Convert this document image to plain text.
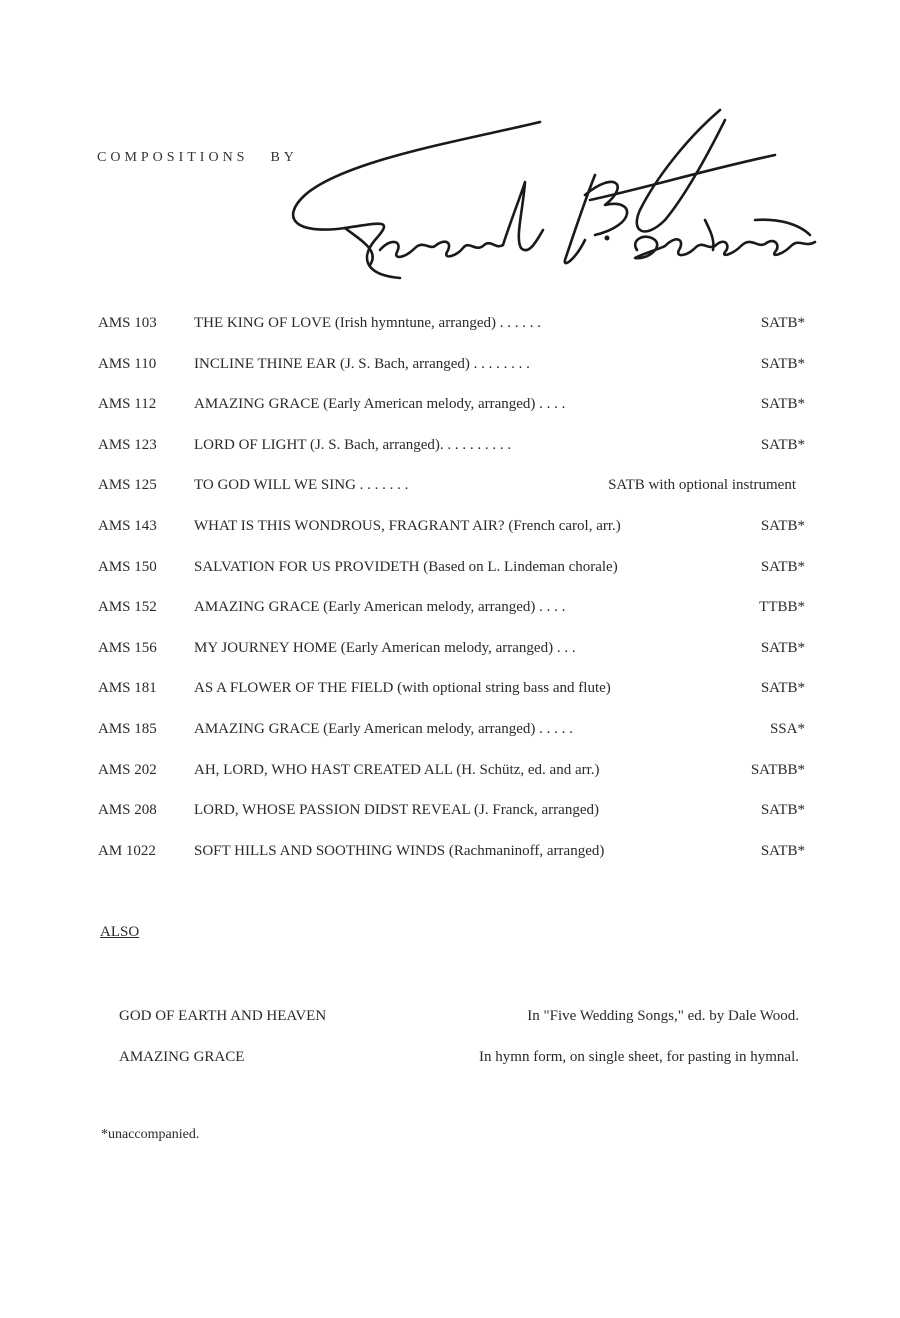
COMPOSITIONS BY
AMS 103 THE KING OF LOVE (Irish hymntune, arranged) . . . . . .	SATB*
AMS 110	INCLINE THINE EAR (J. S. Bach, arranged) . . . . . . . .	SATB*
AMS 112	AMAZING GRACE (Early American melody, arranged) . . . .	SATB*
AMS 123 LORD OF LIGHT (J. S. Bach, arranged). . . . . . . . . .	SATB*
AMS 125 TO GOD WILL WE SING . . . . . . .	SATB with optional instrument
AMS 143 WHAT IS THIS WONDROUS, FRAGRANT AIR? (French carol, arr.)	SATB*
AMS 150 SALVATION FOR US PROVIDETH (Based on L. Lindeman chorale)	SATB*
AMS 152 AMAZING GRACE (Early American melody, arranged) . . . .	TTBB*
AMS 156 MY JOURNEY HOME (Early American melody, arranged) . . .	SATB*
AMS 181 AS A FLOWER OF THE FIELD (with optional string bass and flute)	SATB*
AMS 185 AMAZING GRACE (Early American melody, arranged) . . . . .	SSA*
AMS 202 AH, LORD, WHO HAST CREATED ALL (H. Schütz, ed. and arr.)	SATBB*
AMS 208 LORD, WHOSE PASSION DIDST REVEAL (J. Franck, arranged)	SATB*
AM 1022	SOFT HILLS AND SOOTHING WINDS (Rachmaninoff, arranged)	SATB*
ALSO
GOD OF EARTH AND HEAVEN	In "Five Wedding Songs," ed. by Dale Wood.
AMAZING GRACE	In hymn form, on single sheet, for pasting in hymnal.
*unaccompanied.
